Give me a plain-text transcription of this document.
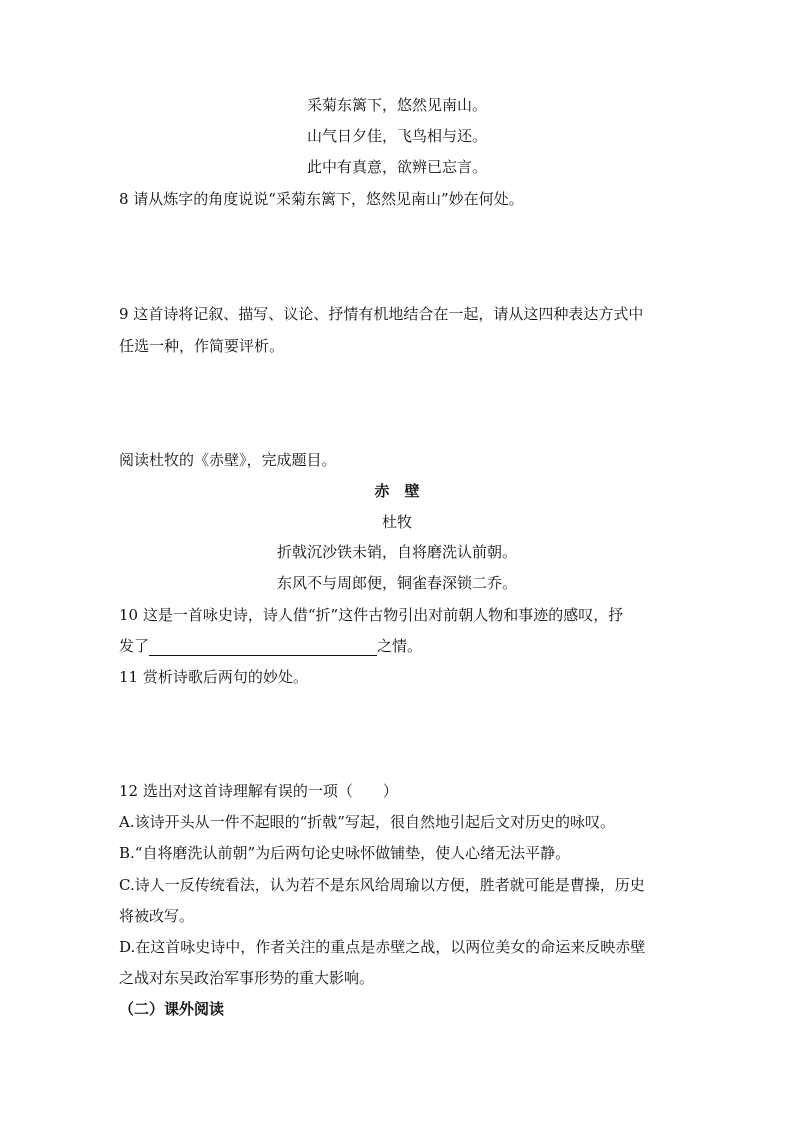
采菊东篱下，悠然见南山。
山气日夕佳，飞鸟相与还。
此中有真意，欲辨已忘言。
8 请从炼字的角度说说“采菊东篱下，悠然见南山”妙在何处。
9 这首诗将记叙、描写、议论、抒情有机地结合在一起，请从这四种表达方式中
任选一种，作简要评析。
阅读杜牧的《赤壁》，完成题目。
赤　壁
杜牧
折戟沉沙铁未销，自将磨洗认前朝。
东风不与周郎便，铜雀春深锁二乔。
10 这是一首咏史诗，诗人借“折”这件古物引出对前朝人物和事迹的感叹，抒
发了	之情。
11 赏析诗歌后两句的妙处。
12 选出对这首诗理解有误的一项（　　）
A.该诗开头从一件不起眼的“折戟”写起，很自然地引起后文对历史的咏叹。
B.“自将磨洗认前朝”为后两句论史咏怀做铺垫，使人心绪无法平静。
C.诗人一反传统看法，认为若不是东风给周瑜以方便，胜者就可能是曹操，历史
将被改写。
D.在这首咏史诗中，作者关注的重点是赤壁之战，以两位美女的命运来反映赤壁
之战对东吴政治军事形势的重大影响。
（二）课外阅读
